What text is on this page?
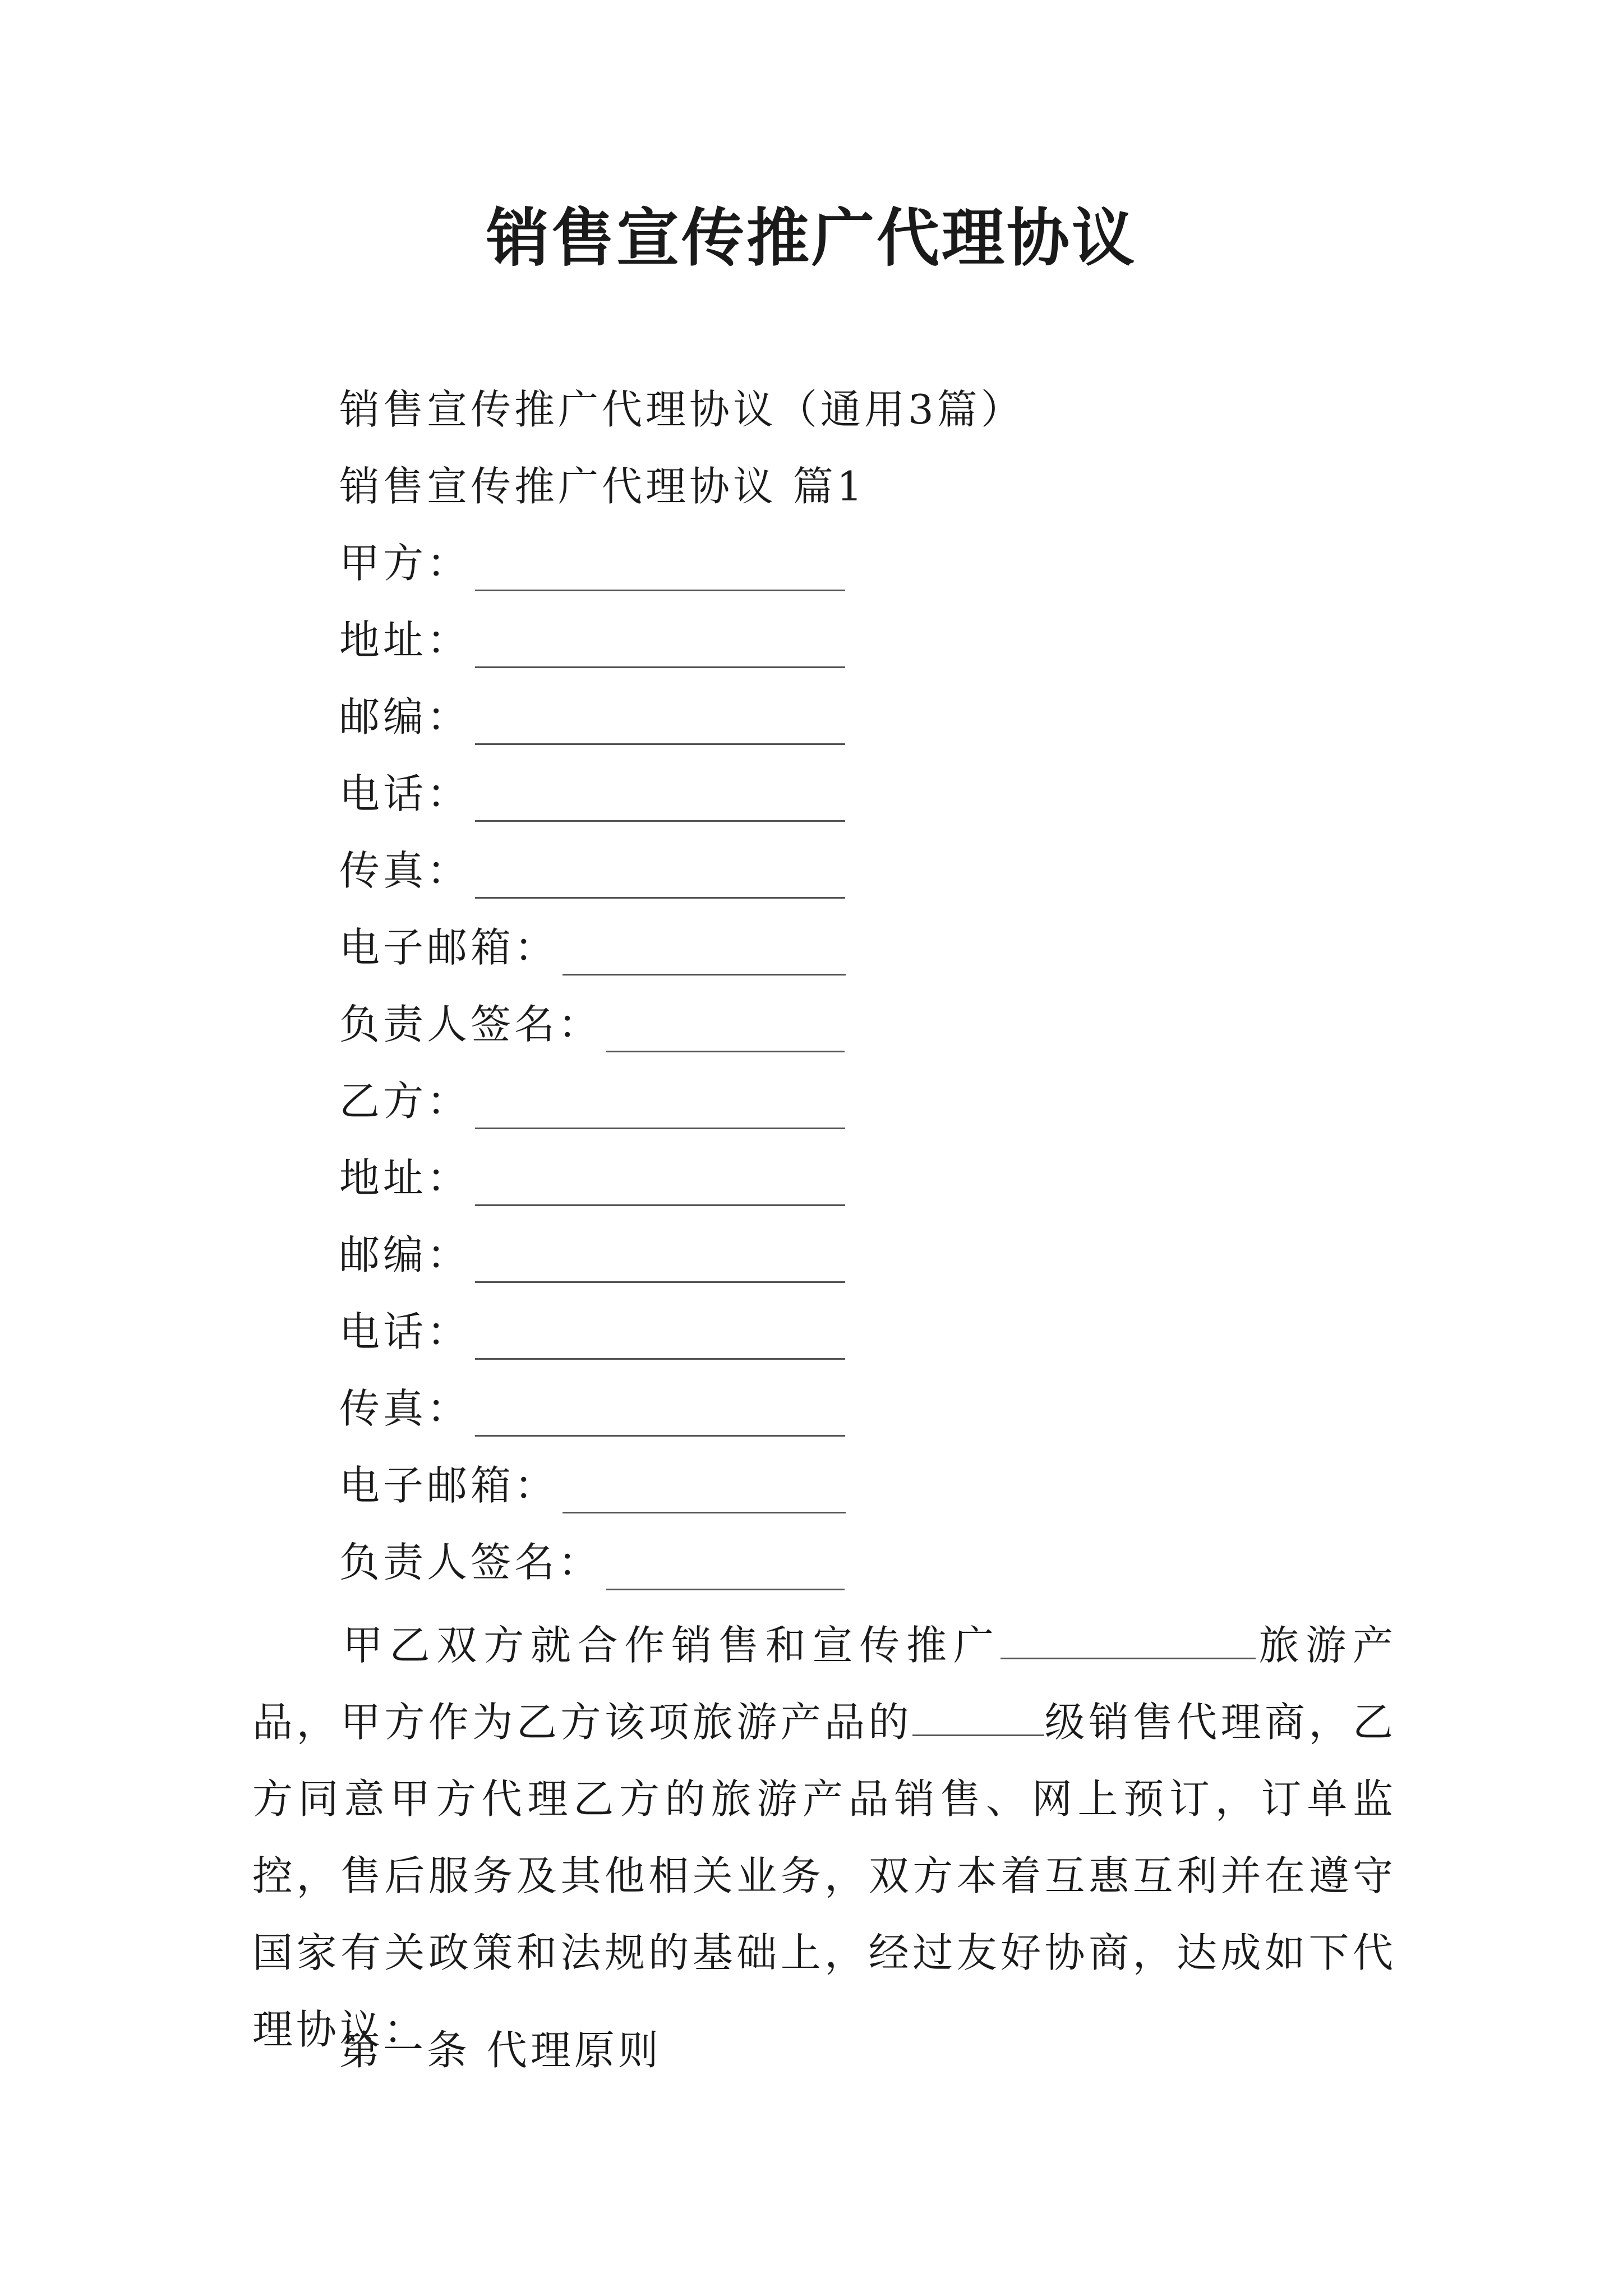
销售宣传推广代理协议
销售宣传推广代理协议（通用3篇）
销售宣传推广代理协议 篇1
甲方：
地址：
邮编：
电话：
传真：
电子邮箱：
负责人签名：
乙方：
地址：
邮编：
电话：
传真：
电子邮箱：
负责人签名：
甲乙双方就合作销售和宣传推广	旅游产品，甲方作为乙方该项旅游产品的	级销售代理商，乙方同意甲方代理乙方的旅游产品销售、网上预订，订单监控，售后服务及其他相关业务，双方本着互惠互利并在遵守国家有关政策和法规的基础上，经过友好协商，达成如下代理协议：
第一条 代理原则
